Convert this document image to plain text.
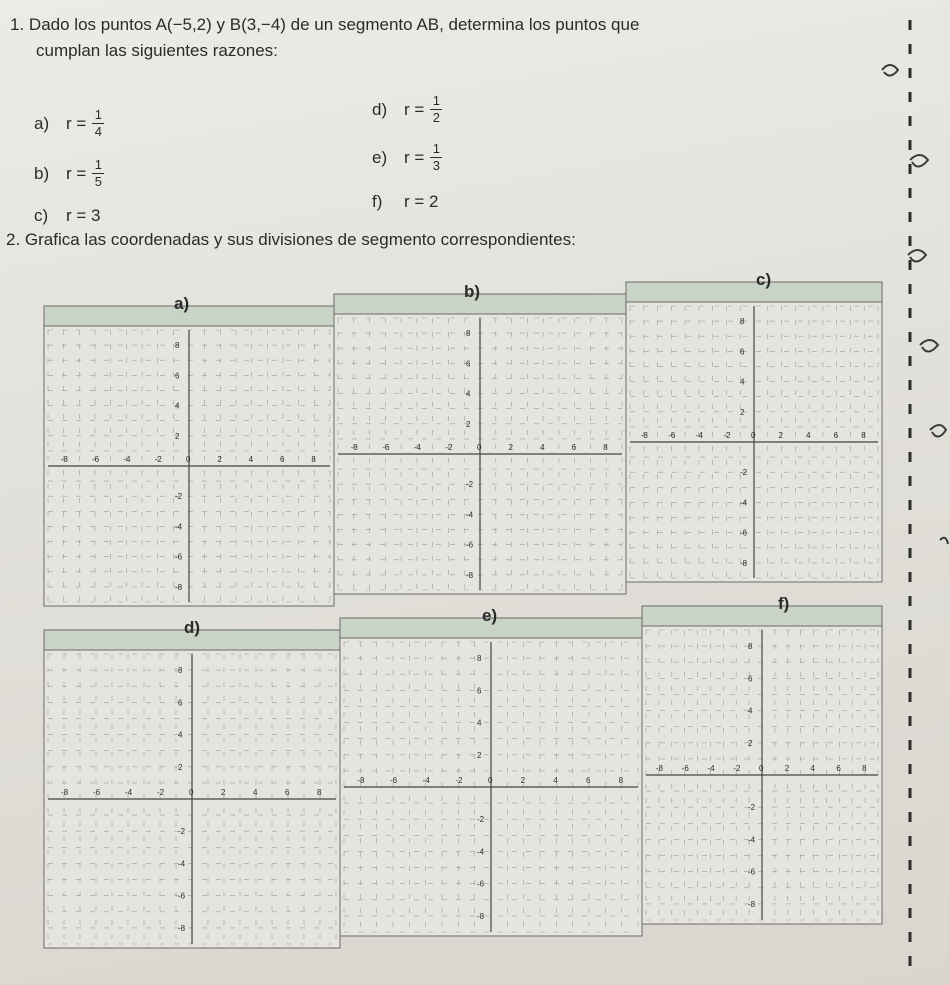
1. Dado los puntos A(−5,2) y B(3,−4) de un segmento AB, determina los puntos que
cumplan las siguientes razones:
a) $r = \frac{1}{4}$
b) $r = \frac{1}{5}$
c)	r = 3
d) $r = \frac{1}{2}$
e) $r = \frac{1}{3}$
f)	r = 2
2. Grafica las coordenadas y sus divisiones de segmento correspondientes:
-8	-6	-4	-2	0	2	4	6	8
8
6
4
2
-2
-4
-6
-8
-8	-6	-4	-2	0	2	4	6	8
8
6
4
2
-2
-4
-6
-8
-8	-6	-4	-2	0	2	4	6	8
8
6
4
2
-2
-4
-6
-8
-8	-6	-4	-2	0	2	4	6	8
8
6
4
2
-2
-4
-6
-8
-8	-6	-4	-2	0	2	4	6	8
8
6
4
2
-2
-4
-6
-8
-8 -6 -4 -2 0	2	4	6	8
8
6
4
2
-2
-4
-6
-8
a)
b)
c)
d)
e)
f)
